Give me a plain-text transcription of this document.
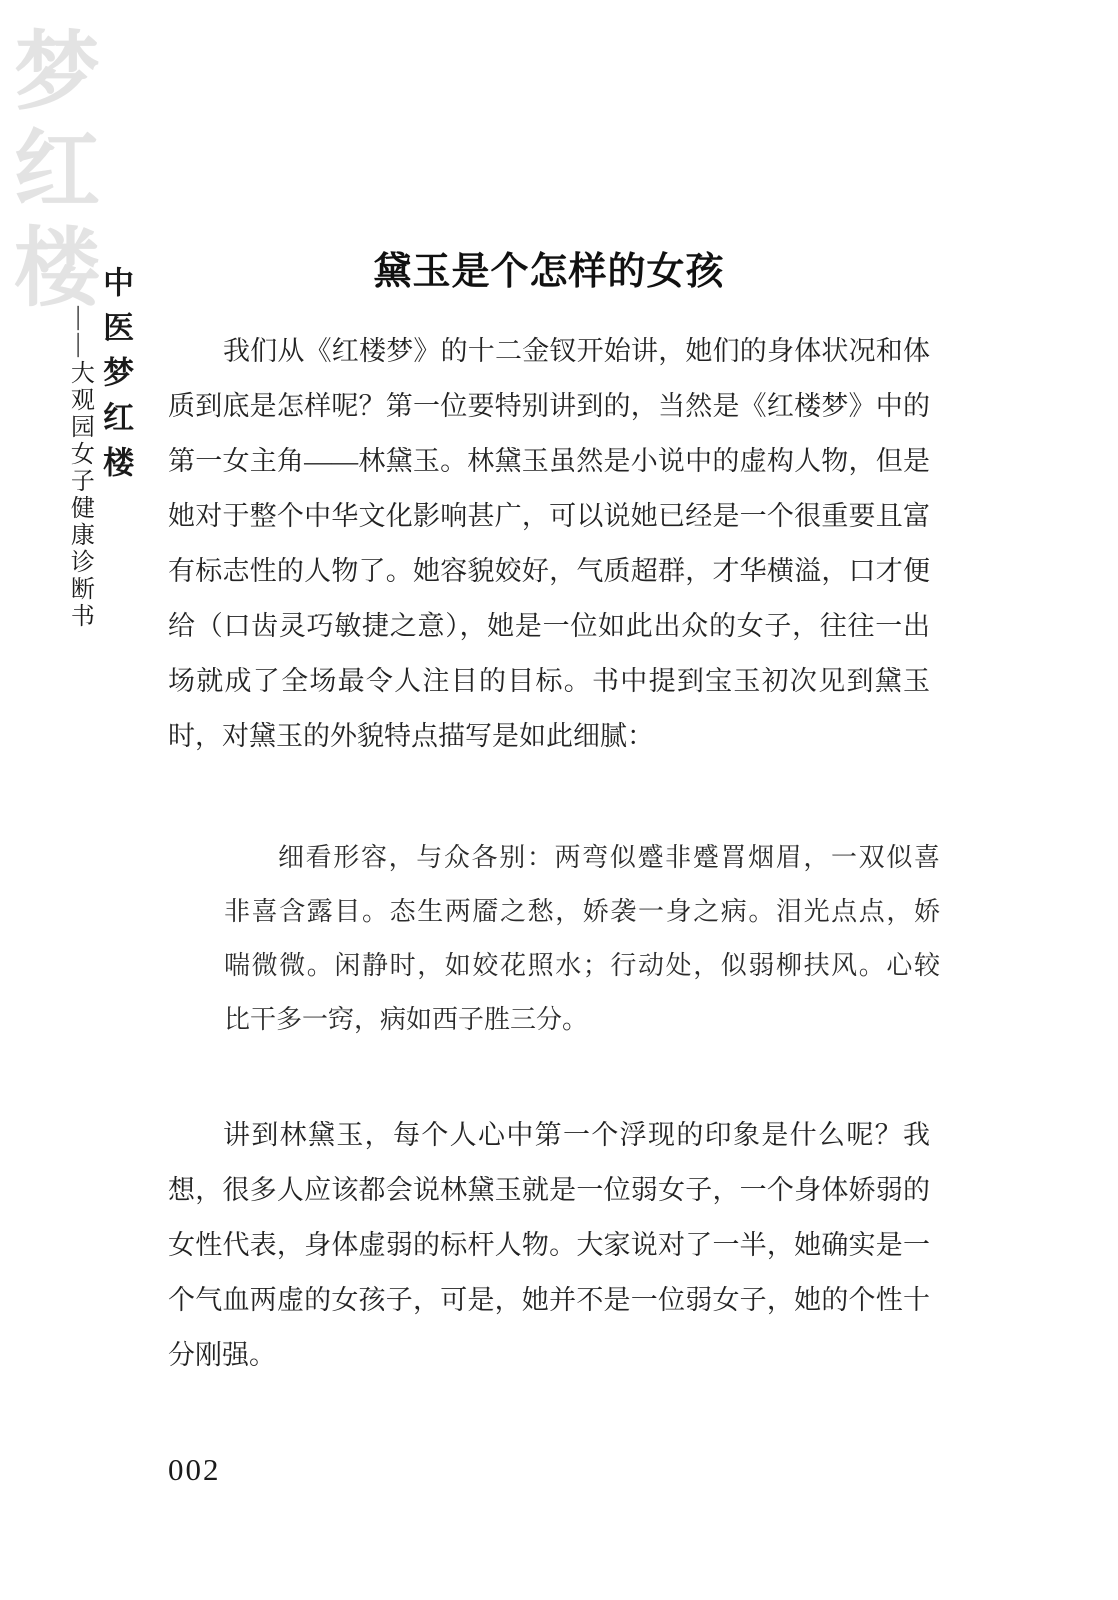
梦红楼
中医梦红楼
——大观园女子健康诊断书
黛玉是个怎样的女孩
我们从《红楼梦》的十二金钗开始讲，她们的身体状况和体
质到底是怎样呢？第一位要特别讲到的，当然是《红楼梦》中的
第一女主角——林黛玉。林黛玉虽然是小说中的虚构人物，但是
她对于整个中华文化影响甚广，可以说她已经是一个很重要且富
有标志性的人物了。她容貌姣好，气质超群，才华横溢，口才便
给（口齿灵巧敏捷之意），她是一位如此出众的女子，往往一出
场就成了全场最令人注目的目标。书中提到宝玉初次见到黛玉
时，对黛玉的外貌特点描写是如此细腻：
细看形容，与众各别：两弯似蹙非蹙罥烟眉，一双似喜
非喜含露目。态生两靥之愁，娇袭一身之病。泪光点点，娇
喘微微。闲静时，如姣花照水；行动处，似弱柳扶风。心较
比干多一窍，病如西子胜三分。
讲到林黛玉，每个人心中第一个浮现的印象是什么呢？我
想，很多人应该都会说林黛玉就是一位弱女子，一个身体娇弱的
女性代表，身体虚弱的标杆人物。大家说对了一半，她确实是一
个气血两虚的女孩子，可是，她并不是一位弱女子，她的个性十
分刚强。
002
